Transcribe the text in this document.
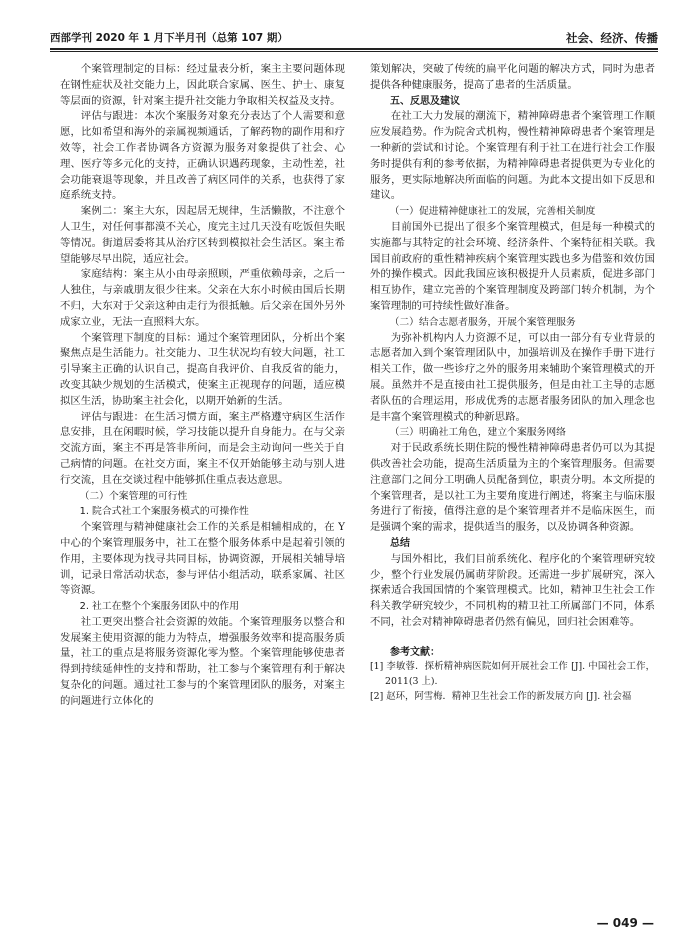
西部学刊 2020 年 1 月下半月刊（总第 107 期）	社会、经济、传播

个案管理制定的目标：经过量表分析，案主主要问题体现在钢性症状及社交能力上，因此联合家属、医生、护士、康复等层面的资源，针对案主提升社交能力争取相关权益及支持。

评估与跟进：本次个案服务对象充分表达了个人需要和意愿，比如希望和海外的亲属视频通话，了解药物的副作用和疗效等，社会工作者协调各方资源为服务对象提供了社会、心理、医疗等多元化的支持，正确认识遇药现象，主动性差，社会功能衰退等现象，并且改善了病区同伴的关系，也获得了家庭系统支持。

案例二：案主大东，因起居无规律，生活懒散，不注意个人卫生，对任何事都漠不关心，度完主过几天没有吃饭但失眠等情况。街道居委将其从治疗区转到模拟社会生活区。案主希望能够尽早出院，适应社会。

家庭结构：案主从小由母亲照顾，严重依赖母亲，之后一人独住，与亲戚朋友很少往来。父亲在大东小时候由国后长期不归，大东对于父亲这种由走行为很抵触。后父亲在国外另外成家立业，无法一直照料大东。

个案管理下制度的目标：通过个案管理团队，分析出个案聚焦点是生活能力。社交能力、卫生状况均有较大问题，社工引导案主正确的认识自己，提高自我评价、自我反省的能力，改变其缺少规划的生活模式，使案主正视现存的问题，适应模拟区生活，协助案主社会化，以期开始新的生活。

评估与跟进：在生活习惯方面，案主严格遵守病区生活作息安排，且在闲暇时候，学习技能以提升自身能力。在与父亲交流方面，案主不再是答非所问，而是会主动询问一些关于自己病情的问题。在社交方面，案主不仅开始能够主动与别人进行交流，且在交谈过程中能够抓住重点表达意思。

（二）个案管理的可行性

1. 院合式社工个案服务模式的可操作性

个案管理与精神健康社会工作的关系是相辅相成的，在 Y 中心的个案管理服务中，社工在整个服务体系中是起着引领的作用，主要体现为找寻共同目标，协调资源，开展相关辅导培训，记录日常活动状态，参与评估小组活动，联系家属、社区等资源。

2. 社工在整个个案服务团队中的作用

社工更突出整合社会资源的效能。个案管理服务以整合和发展案主使用资源的能力为特点，增强服务效率和提高服务质量，社工的重点是将服务资源化零为整。个案管理能够使患者得到持续延伸性的支持和帮助，社工参与个案管理有利于解决复杂化的问题。通过社工参与的个案管理团队的服务，对案主的问题进行立体化的

策划解决，突破了传统的扁平化问题的解决方式，同时为患者提供各种健康服务，提高了患者的生活质量。

五、反思及建议

在社工大力发展的潮流下，精神障碍患者个案管理工作顺应发展趋势。作为院舍式机构，慢性精神障碍患者个案管理是一种新的尝试和讨论。个案管理有利于社工在进行社会工作服务时提供有利的参考依据，为精神障碍患者提供更为专业化的服务，更实际地解决所面临的问题。为此本文提出如下反思和建议。

（一）促进精神健康社工的发展，完善相关制度

目前国外已提出了很多个案管理模式，但是每一种模式的实施都与其特定的社会环境、经济条件、个案特征相关联。我国目前政府的重性精神疾病个案管理实践也多为借鉴和效仿国外的操作模式。因此我国应该积极提升人员素质，促进多部门相互协作，建立完善的个案管理制度及跨部门转介机制，为个案管理制的可持续性做好准备。

（二）结合志愿者服务，开展个案管理服务

为弥补机构内人力资源不足，可以由一部分有专业背景的志愿者加入到个案管理团队中，加强培训及在操作手册下进行相关工作，做一些诊疗之外的服务用来辅助个案管理模式的开展。虽然并不是直接由社工提供服务，但是由社工主导的志愿者队伍的合理运用，形成优秀的志愿者服务团队的加入理念也是丰富个案管理模式的种新思路。

（三）明确社工角色，建立个案服务网络

对于民政系统长期住院的慢性精神障碍患者仍可以为其提供改善社会功能，提高生活质量为主的个案管理服务。但需要注意部门之间分工明确人员配备到位，职责分明。本文所提的个案管理者，是以社工为主要角度进行阐述，将案主与临床服务进行了衔接，值得注意的是个案管理者并不是临床医生，而是强调个案的需求，提供适当的服务，以及协调各种资源。

总结

与国外相比，我们目前系统化、程序化的个案管理研究较少，整个行业发展仍属萌芽阶段。还需进一步扩展研究，深入探索适合我国国情的个案管理模式。比如，精神卫生社会工作科关教学研究较少，不同机构的精卫社工所属部门不同，体系不同，社会对精神障碍患者仍然有偏见，回归社会困难等。

参考文献：

[1] 李敏蓉．探析精神病医院如何开展社会工作 [J]. 中国社会工作，2011(3 上).

[2] 赵环，阿雪梅．精神卫生社会工作的新发展方向 [J]. 社会福

— 049 —
